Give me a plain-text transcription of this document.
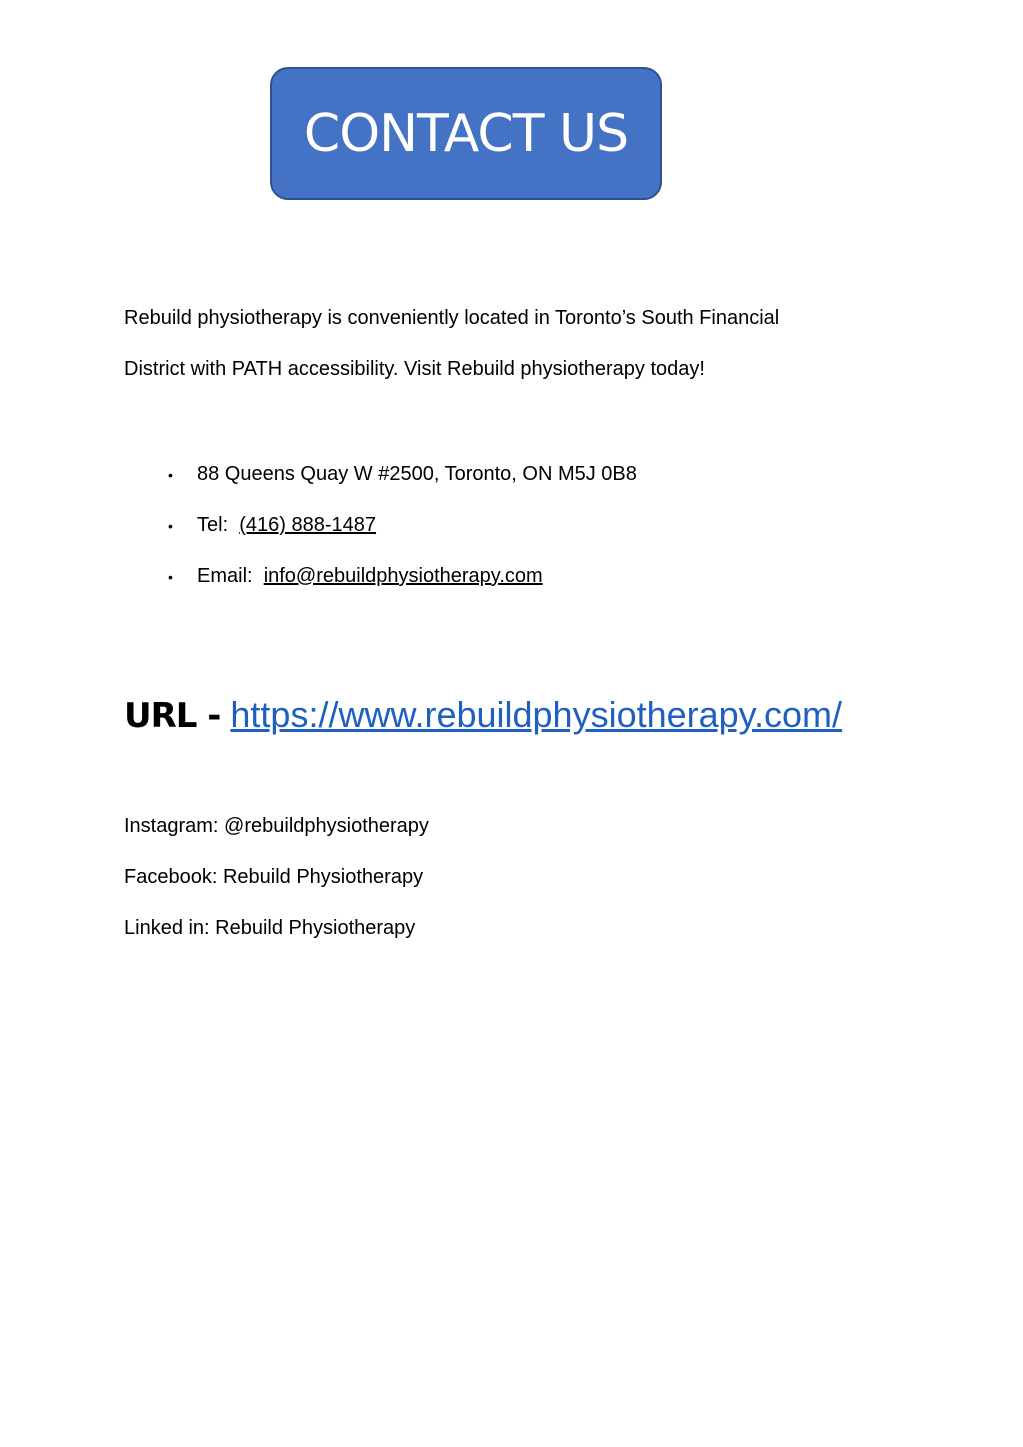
CONTACT US
Rebuild physiotherapy is conveniently located in Toronto’s South Financial
District with PATH accessibility. Visit Rebuild physiotherapy today!
• 88 Queens Quay W #2500, Toronto, ON M5J 0B8
• Tel:  (416) 888-1487
• Email:  info@rebuildphysiotherapy.com
URL - https://www.rebuildphysiotherapy.com/
Instagram: @rebuildphysiotherapy
Facebook: Rebuild Physiotherapy
Linked in: Rebuild Physiotherapy
